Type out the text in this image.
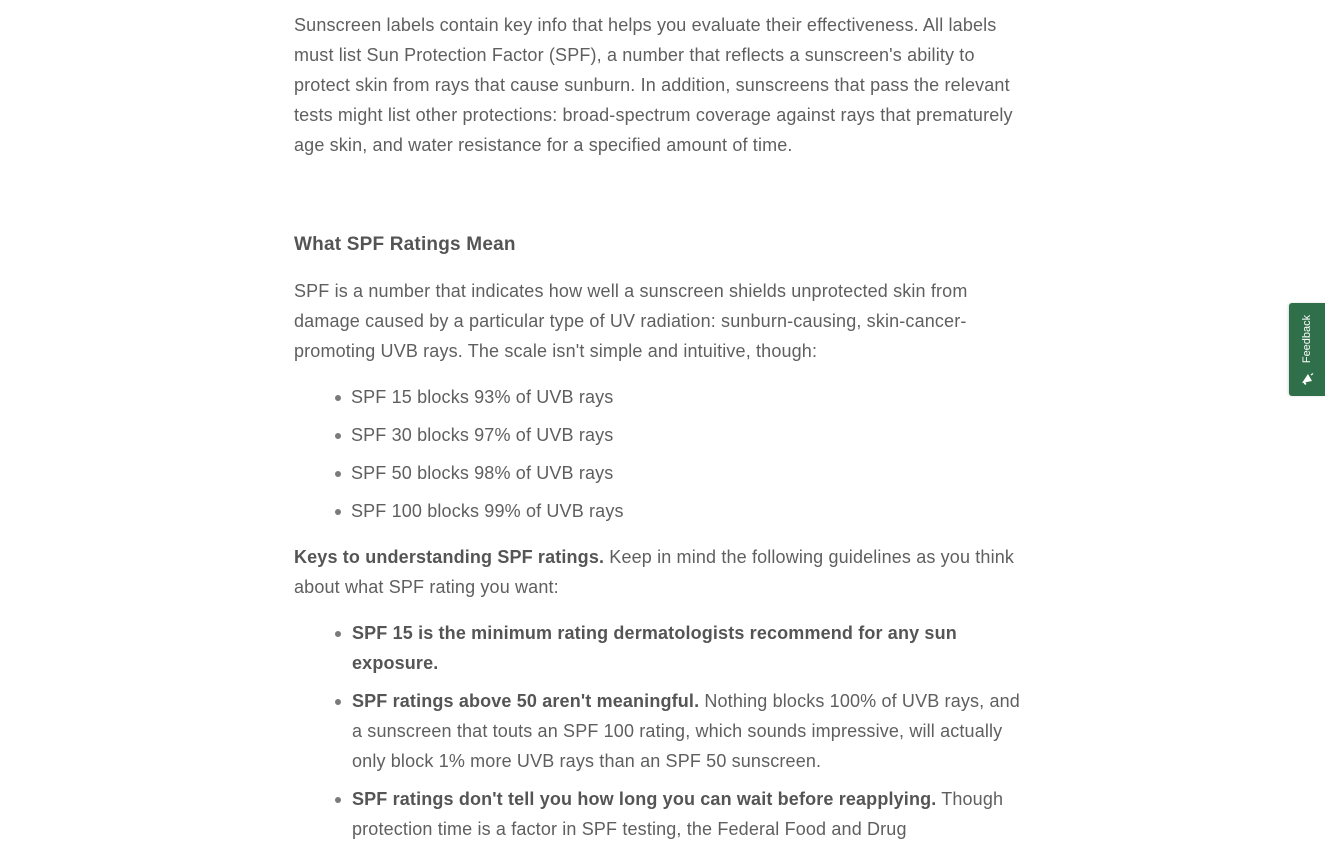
Sunscreen labels contain key info that helps you evaluate their effectiveness. All labels must list Sun Protection Factor (SPF), a number that reflects a sunscreen's ability to protect skin from rays that cause sunburn. In addition, sunscreens that pass the relevant tests might list other protections: broad-spectrum coverage against rays that prematurely age skin, and water resistance for a specified amount of time.

What SPF Ratings Mean

SPF is a number that indicates how well a sunscreen shields unprotected skin from damage caused by a particular type of UV radiation: sunburn-causing, skin-cancer-promoting UVB rays. The scale isn't simple and intuitive, though:

SPF 15 blocks 93% of UVB rays
SPF 30 blocks 97% of UVB rays
SPF 50 blocks 98% of UVB rays
SPF 100 blocks 99% of UVB rays

Keys to understanding SPF ratings. Keep in mind the following guidelines as you think about what SPF rating you want:

SPF 15 is the minimum rating dermatologists recommend for any sun exposure.
SPF ratings above 50 aren't meaningful. Nothing blocks 100% of UVB rays, and a sunscreen that touts an SPF 100 rating, which sounds impressive, will actually only block 1% more UVB rays than an SPF 50 sunscreen.
SPF ratings don't tell you how long you can wait before reapplying. Though protection time is a factor in SPF testing, the Federal Food and Drug
Feedback
